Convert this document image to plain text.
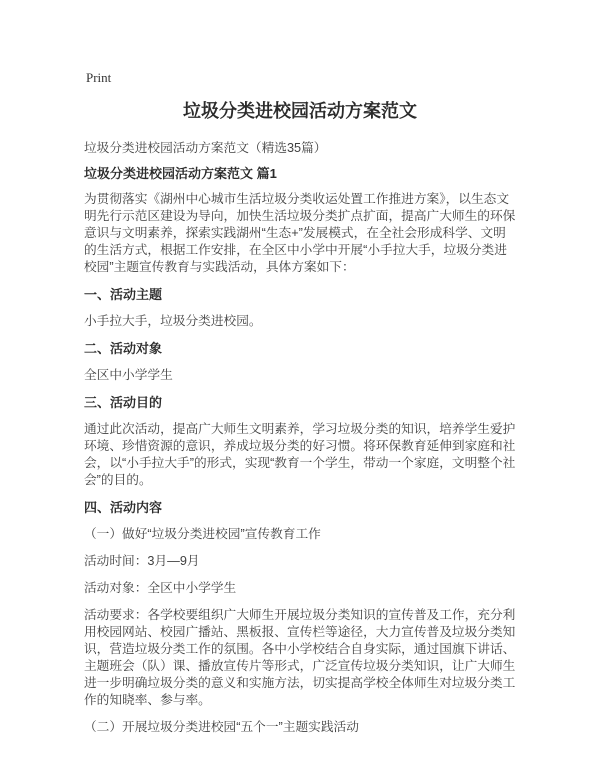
Print
垃圾分类进校园活动方案范文

垃圾分类进校园活动方案范文（精选35篇）

垃圾分类进校园活动方案范文 篇1

为贯彻落实《湖州中心城市生活垃圾分类收运处置工作推进方案》，以生态文明先行示范区建设为导向，加快生活垃圾分类扩点扩面，提高广大师生的环保意识与文明素养，探索实践湖州“生态+”发展模式，在全社会形成科学、文明的生活方式，根据工作安排，在全区中小学中开展“小手拉大手，垃圾分类进校园”主题宣传教育与实践活动，具体方案如下：

一、活动主题

小手拉大手，垃圾分类进校园。

二、活动对象

全区中小学学生

三、活动目的

通过此次活动，提高广大师生文明素养，学习垃圾分类的知识，培养学生爱护环境、珍惜资源的意识，养成垃圾分类的好习惯。将环保教育延伸到家庭和社会，以“小手拉大手”的形式，实现“教育一个学生，带动一个家庭，文明整个社会”的目的。

四、活动内容

（一）做好“垃圾分类进校园”宣传教育工作

活动时间：3月—9月

活动对象：全区中小学学生

活动要求：各学校要组织广大师生开展垃圾分类知识的宣传普及工作，充分利用校园网站、校园广播站、黑板报、宣传栏等途径，大力宣传普及垃圾分类知识，营造垃圾分类工作的氛围。各中小学校结合自身实际，通过国旗下讲话、主题班会（队）课、播放宣传片等形式，广泛宣传垃圾分类知识，让广大师生进一步明确垃圾分类的意义和实施方法，切实提高学校全体师生对垃圾分类工作的知晓率、参与率。

（二）开展垃圾分类进校园“五个一”主题实践活动
